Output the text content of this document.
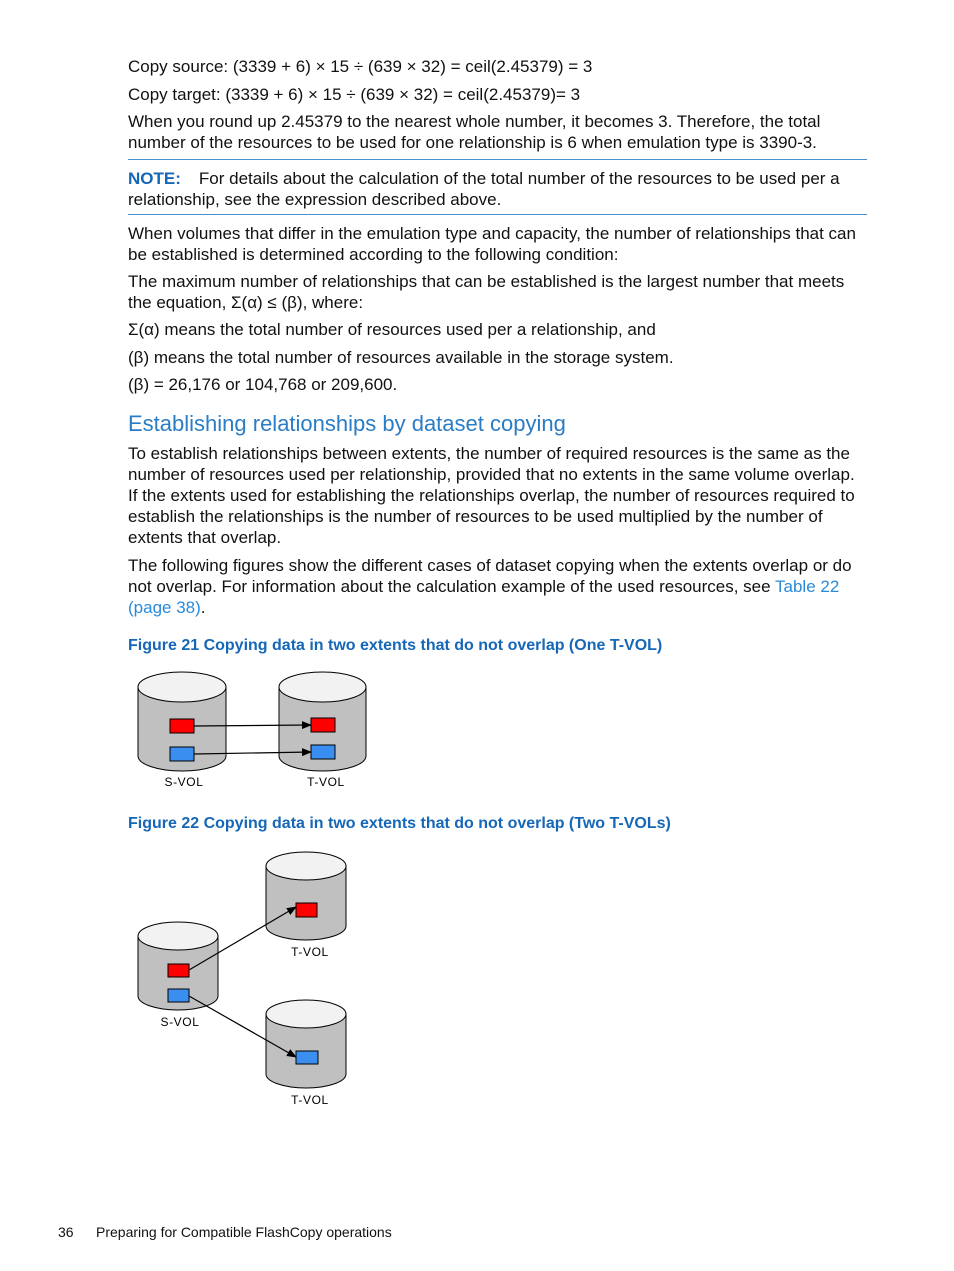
Copy source: (3339 + 6) × 15 ÷ (639 × 32) = ceil(2.45379) = 3

Copy target: (3339 + 6) × 15 ÷ (639 × 32) = ceil(2.45379)= 3

When you round up 2.45379 to the nearest whole number, it becomes 3. Therefore, the total number of the resources to be used for one relationship is 6 when emulation type is 3390-3.

NOTE: For details about the calculation of the total number of the resources to be used per a relationship, see the expression described above.

When volumes that differ in the emulation type and capacity, the number of relationships that can be established is determined according to the following condition:

The maximum number of relationships that can be established is the largest number that meets the equation, Σ(α) ≤ (β), where:

Σ(α) means the total number of resources used per a relationship, and

(β) means the total number of resources available in the storage system.

(β) = 26,176 or 104,768 or 209,600.

Establishing relationships by dataset copying

To establish relationships between extents, the number of required resources is the same as the number of resources used per relationship, provided that no extents in the same volume overlap. If the extents used for establishing the relationships overlap, the number of resources required to establish the relationships is the number of resources to be used multiplied by the number of extents that overlap.

The following figures show the different cases of dataset copying when the extents overlap or do not overlap. For information about the calculation example of the used resources, see Table 22 (page 38).

Figure 21 Copying data in two extents that do not overlap (One T-VOL)

S-VOL	T-VOL

Figure 22 Copying data in two extents that do not overlap (Two T-VOLs)

T-VOL
S-VOL
T-VOL
36 Preparing for Compatible FlashCopy operations
